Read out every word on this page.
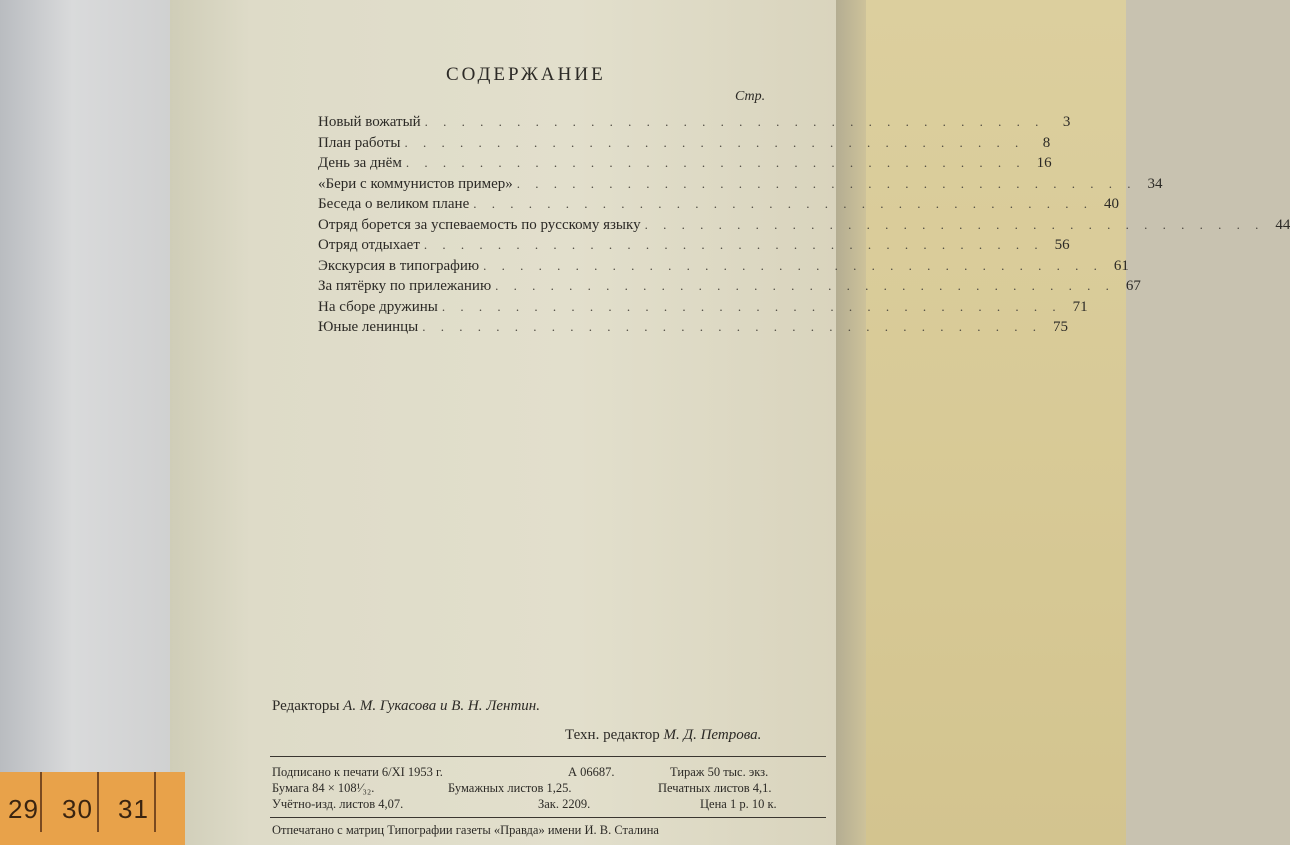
29 30 31
СОДЕРЖАНИЕ
Стр.
Новый вожатый . . . . . . . . . . . . . . . . . . . . . . . . . . . . . . . . . .	3
План работы . . . . . . . . . . . . . . . . . . . . . . . . . . . . . . . . . .	8
День за днём . . . . . . . . . . . . . . . . . . . . . . . . . . . . . . . . . . 16
«Бери с коммунистов пример» . . . . . . . . . . . . . . . . . . . . . . . . . . . . . . . . . . 34
Беседа о великом плане . . . . . . . . . . . . . . . . . . . . . . . . . . . . . . . . . . 40
Отряд борется за успеваемость по русскому языку . . . . . . . . . . . . . . . . . . . . . . . . . . . . . . . . . . 44
Отряд отдыхает . . . . . . . . . . . . . . . . . . . . . . . . . . . . . . . . . . 56
Экскурсия в типографию . . . . . . . . . . . . . . . . . . . . . . . . . . . . . . . . . . 61
За пятёрку по прилежанию . . . . . . . . . . . . . . . . . . . . . . . . . . . . . . . . . . 67
На сборе дружины . . . . . . . . . . . . . . . . . . . . . . . . . . . . . . . . . . 71
Юные ленинцы . . . . . . . . . . . . . . . . . . . . . . . . . . . . . . . . . . 75
Редакторы А. М. Гукасова и В. Н. Лентин.
Техн. редактор М. Д. Петрова.
Подписано к печати 6/XI 1953 г.	А 06687.	Тираж 50 тыс. экз.
Бумага 84 × 108¹⁄₃₂.	Бумажных листов 1,25.	Печатных листов 4,1.
Учётно-изд. листов 4,07.	Зак. 2209.	Цена 1 р. 10 к.
Отпечатано с матриц Типографии газеты «Правда» имени И. В. Сталина
